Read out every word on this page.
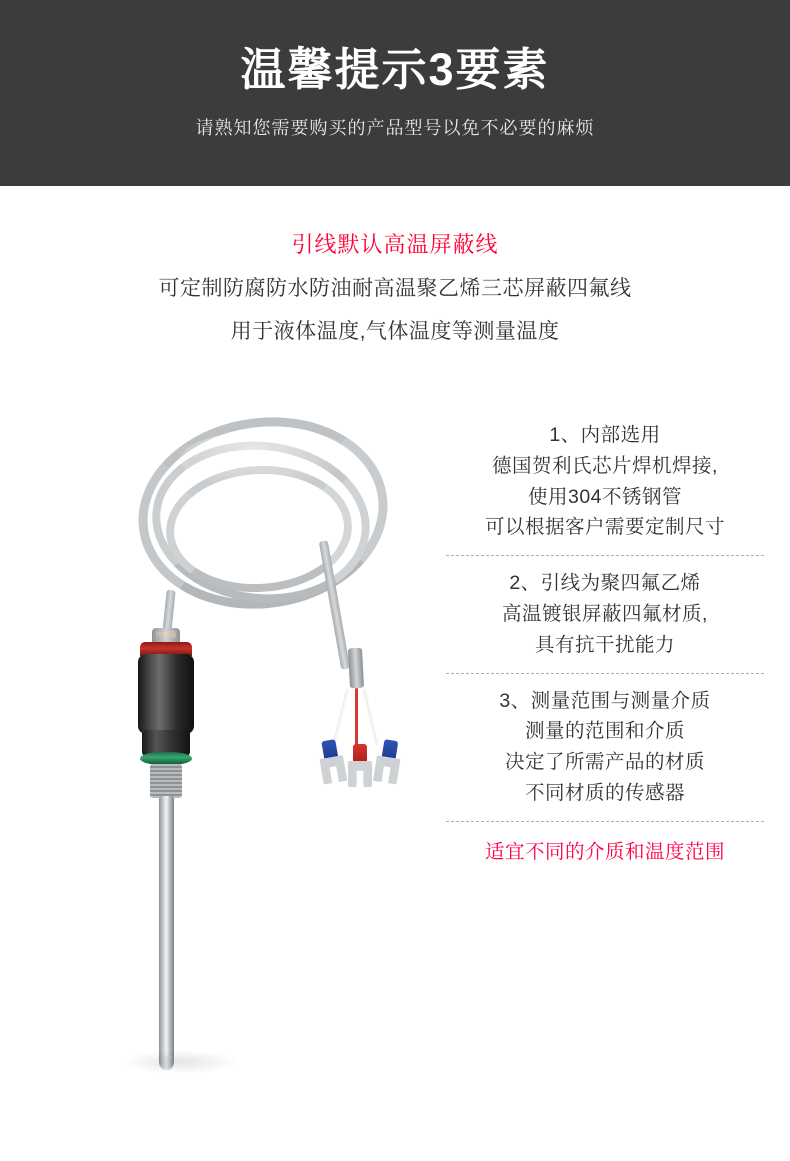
温馨提示3要素

请熟知您需要购买的产品型号以免不必要的麻烦

引线默认高温屏蔽线

可定制防腐防水防油耐高温聚乙烯三芯屏蔽四氟线

用于液体温度,气体温度等测量温度

传感器

1、内部选用

德国贺利氏芯片焊机焊接,

使用304不锈钢管

可以根据客户需要定制尺寸

2、引线为聚四氟乙烯

高温镀银屏蔽四氟材质,

具有抗干扰能力

3、测量范围与测量介质

测量的范围和介质

决定了所需产品的材质

不同材质的传感器

适宜不同的介质和温度范围
